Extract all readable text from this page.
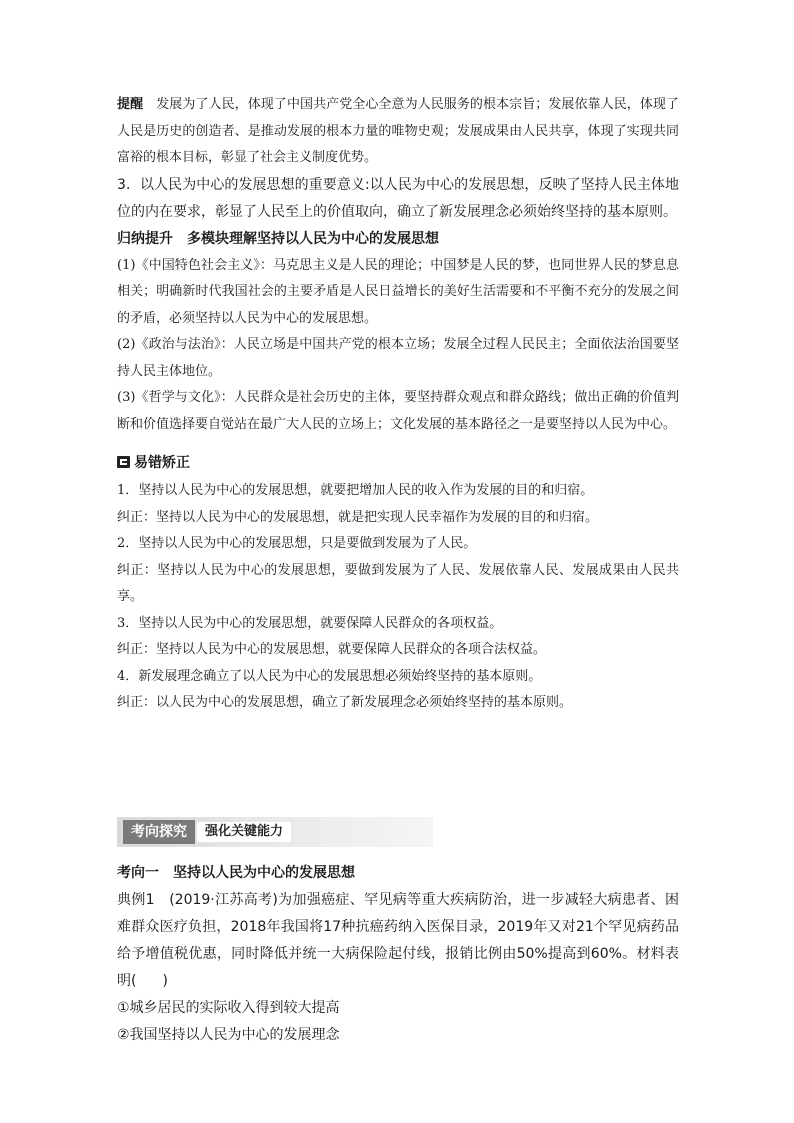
提醒　 发展为了人民，体现了中国共产党全心全意为人民服务的根本宗旨；发展依靠人民，体现了人民是历史的创造者、是推动发展的根本力量的唯物史观；发展成果由人民共享，体现了实现共同富裕的根本目标，彰显了社会主义制度优势。

3．以人民为中心的发展思想的重要意义:以人民为中心的发展思想，反映了坚持人民主体地位的内在要求，彰显了人民至上的价值取向，确立了新发展理念必须始终坚持的基本原则。

归纳提升　多模块理解坚持以人民为中心的发展思想

(1)《中国特色社会主义》：马克思主义是人民的理论；中国梦是人民的梦，也同世界人民的梦息息相关；明确新时代我国社会的主要矛盾是人民日益增长的美好生活需要和不平衡不充分的发展之间的矛盾，必须坚持以人民为中心的发展思想。

(2)《政治与法治》：人民立场是中国共产党的根本立场；发展全过程人民民主；全面依法治国要坚持人民主体地位。

(3)《哲学与文化》：人民群众是社会历史的主体，要坚持群众观点和群众路线；做出正确的价值判断和价值选择要自觉站在最广大人民的立场上；文化发展的基本路径之一是要坚持以人民为中心。

易错矫正

1．坚持以人民为中心的发展思想，就要把增加人民的收入作为发展的目的和归宿。

纠正：坚持以人民为中心的发展思想，就是把实现人民幸福作为发展的目的和归宿。

2．坚持以人民为中心的发展思想，只是要做到发展为了人民。

纠正：坚持以人民为中心的发展思想，要做到发展为了人民、发展依靠人民、发展成果由人民共享。

3．坚持以人民为中心的发展思想，就要保障人民群众的各项权益。

纠正：坚持以人民为中心的发展思想，就要保障人民群众的各项合法权益。

4．新发展理念确立了以人民为中心的发展思想必须始终坚持的基本原则。

纠正：以人民为中心的发展思想，确立了新发展理念必须始终坚持的基本原则。

考向探究	强化关键能力

考向一　坚持以人民为中心的发展思想

典例1　(2019·江苏高考)为加强癌症、罕见病等重大疾病防治，进一步减轻大病患者、困难群众医疗负担，2018年我国将17种抗癌药纳入医保目录，2019年又对21个罕见病药品给予增值税优惠，同时降低并统一大病保险起付线，报销比例由50%提高到60%。材料表明( )

①城乡居民的实际收入得到较大提高

②我国坚持以人民为中心的发展理念
